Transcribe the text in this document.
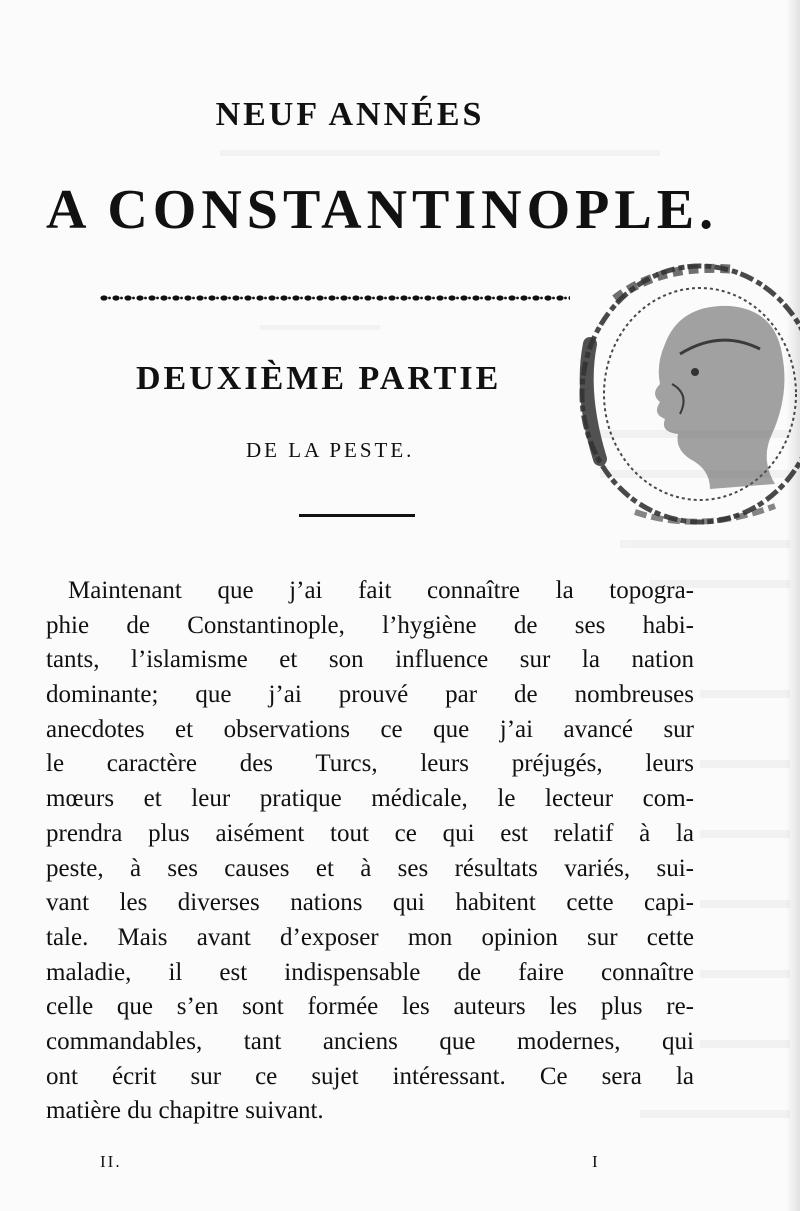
NEUF ANNÉES
A CONSTANTINOPLE.
DEUXIÈME PARTIE
DE LA PESTE.
Maintenant que j’ai fait connaître la topogra-
phie de Constantinople, l’hygiène de ses habi-
tants, l’islamisme et son influence sur la nation
dominante; que j’ai prouvé par de nombreuses
anecdotes et observations ce que j’ai avancé sur
le caractère des Turcs, leurs préjugés, leurs
mœurs et leur pratique médicale, le lecteur com-
prendra plus aisément tout ce qui est relatif à la
peste, à ses causes et à ses résultats variés, sui-
vant les diverses nations qui habitent cette capi-
tale. Mais avant d’exposer mon opinion sur cette
maladie, il est indispensable de faire connaître
celle que s’en sont formée les auteurs les plus re-
commandables, tant anciens que modernes, qui
ont écrit sur ce sujet intéressant. Ce sera la
matière du chapitre suivant.
II.	I
